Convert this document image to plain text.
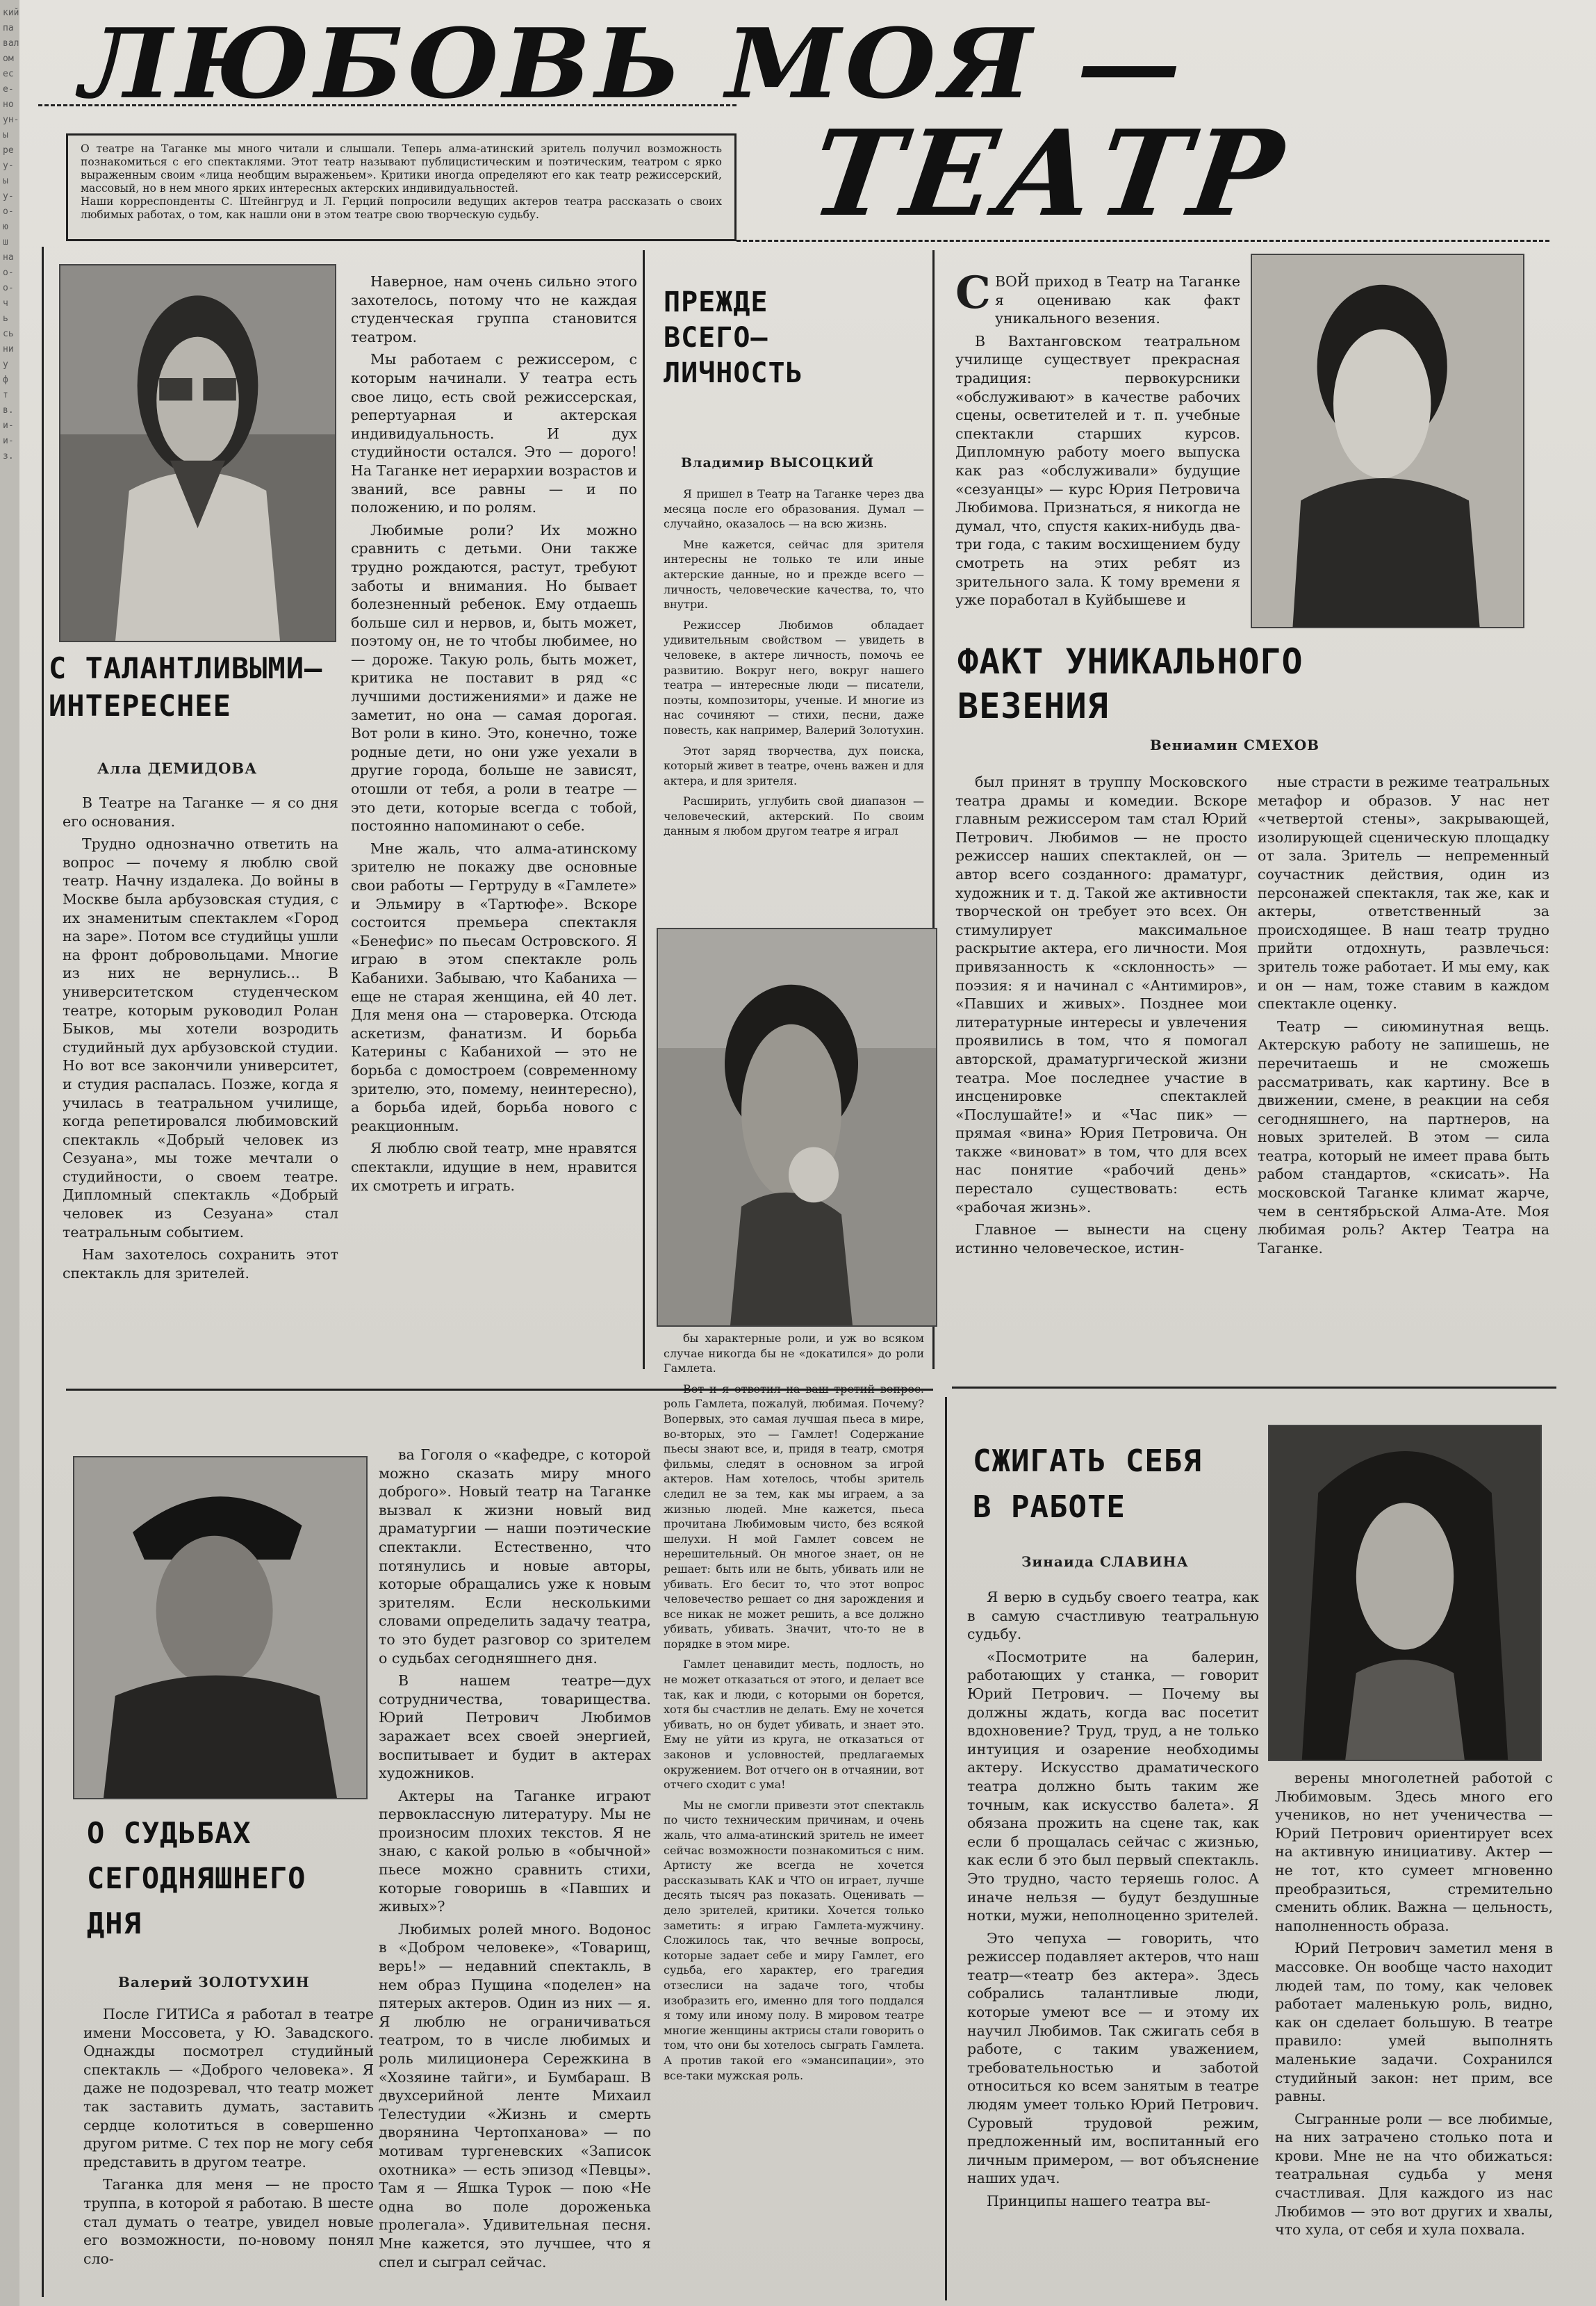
кий
па
вал
ом
ес
е-
но
ун-
ы
ре
у-
ы
у-
о-
ю
ш
на
о-
о-
ч
ь
сь
ни
у
ф
т
в.
и-
и-
з.
ЛЮБОВЬ МОЯ —
ТЕАТР
О театре на Таганке мы много читали и слышали. Теперь алма-атинский зритель получил возможность познакомиться с его спектаклями. Этот театр называют публицистическим и поэтическим, театром с ярко выраженным своим «лица необщим выраженьем». Критики иногда определяют его как театр режиссерский, массовый, но в нем много ярких интересных актерских индивидуальностей.
Наши корреспонденты С. Штейнгруд и Л. Герций попросили ведущих актеров театра рассказать о своих любимых работах, о том, как нашли они в этом театре свою творческую судьбу.
С ТАЛАНТЛИВЫМИ— ИНТЕРЕСНЕЕ
Алла ДЕМИДОВА

В Театре на Таганке — я со дня его основания.

Трудно однозначно ответить на вопрос — почему я люблю свой театр. Начну издалека. До войны в Москве была арбузовская студия, с их знаменитым спектаклем «Город на заре». Потом все студийцы ушли на фронт добровольцами. Многие из них не вернулись... В университетском студенческом театре, которым руководил Ролан Быков, мы хотели возродить студийный дух арбузовской студии. Но вот все закончили университет, и студия распалась. Позже, когда я училась в театральном училище, когда репетировался любимовский спектакль «Добрый человек из Сезуана», мы тоже мечтали о студийности, о своем театре. Дипломный спектакль «Добрый человек из Сезуана» стал театральным событием.

Нам захотелось сохранить этот спектакль для зрителей.

Наверное, нам очень сильно этого захотелось, потому что не каждая студенческая группа становится театром.

Мы работаем с режиссером, с которым начинали. У театра есть свое лицо, есть свой режиссерская, репертуарная и актерская индивидуальность. И дух студийности остался. Это — дорого! На Таганке нет иерархии возрастов и званий, все равны — и по положению, и по ролям.

Любимые роли? Их можно сравнить с детьми. Они также трудно рождаются, растут, требуют заботы и внимания. Но бывает болезненный ребенок. Ему отдаешь больше сил и нервов, и, быть может, поэтому он, не то чтобы любимее, но — дороже. Такую роль, быть может, критика не поставит в ряд «с лучшими достижениями» и даже не заметит, но она — самая дорогая. Вот роли в кино. Это, конечно, тоже родные дети, но они уже уехали в другие города, больше не зависят, отошли от тебя, а роли в театре — это дети, которые всегда с тобой, постоянно напоминают о себе.

Мне жаль, что алма-атинскому зрителю не покажу две основные свои работы — Гертруду в «Гамлете» и Эльмиру в «Тартюфе». Вскоре состоится премьера спектакля «Бенефис» по пьесам Островского. Я играю в этом спектакле роль Кабанихи. Забываю, что Кабаниха — еще не старая женщина, ей 40 лет. Для меня она — староверка. Отсюда аскетизм, фанатизм. И борьба Катерины с Кабанихой — это не борьба с домостроем (современному зрителю, это, помему, неинтересно), а борьба идей, борьба нового с реакционным.

Я люблю свой театр, мне нравятся спектакли, идущие в нем, нравится их смотреть и играть.

ПРЕЖДЕ ВСЕГО— ЛИЧНОСТЬ
Владимир ВЫСОЦКИЙ

Я пришел в Театр на Таганке через два месяца после его образования. Думал — случайно, оказалось — на всю жизнь.

Мне кажется, сейчас для зрителя интересны не только те или иные актерские данные, но и прежде всего — личность, человеческие качества, то, что внутри.

Режиссер Любимов обладает удивительным свойством — увидеть в человеке, в актере личность, помочь ее развитию. Вокруг него, вокруг нашего театра — интересные люди — писатели, поэты, композиторы, ученые. И многие из нас сочиняют — стихи, песни, даже повесть, как например, Валерий Золотухин.

Этот заряд творчества, дух поиска, который живет в театре, очень важен и для актера, и для зрителя.

Расширить, углубить свой диапазон — человеческий, актерский. По своим данным я любом другом театре я играл

бы характерные роли, и уж во всяком случае никогда бы не «докатился» до роли Гамлета.

Вот и я ответил на ваш третий вопрос. роль Гамлета, пожалуй, любимая. Почему? Вопервых, это самая лучшая пьеса в мире, во-вторых, это — Гамлет! Содержание пьесы знают все, и, придя в театр, смотря фильмы, следят в основном за игрой актеров. Нам хотелось, чтобы зритель следил не за тем, как мы играем, а за жизнью людей. Мне кажется, пьеса прочитана Любимовым чисто, без всякой шелухи. Н мой Гамлет совсем не нерешительный. Он многое знает, он не решает: быть или не быть, убивать или не убивать. Его бесит то, что этот вопрос человечество решает со дня зарождения и все никак не может решить, а все должно убивать, убивать. Значит, что-то не в порядке в этом мире.

Гамлет ценавидит месть, подлость, но не может отказаться от этого, и делает все так, как и люди, с которыми он борется, хотя бы счастлив не делать. Ему не хочется убивать, но он будет убивать, и знает это. Ему не уйти из круга, не отказаться от законов и условностей, предлагаемых окружением. Вот отчего он в отчаянии, вот отчего сходит с ума!

Мы не смогли привезти этот спектакль по чисто техническим причинам, и очень жаль, что алма-атинский зритель не имеет сейчас возможности познакомиться с ним. Артисту же всегда не хочется рассказывать КАК и ЧТО он играет, лучше десять тысяч раз показать. Оценивать — дело зрителей, критики. Хочется только заметить: я играю Гамлета-мужчину. Сложилось так, что вечные вопросы, которые задает себе и миру Гамлет, его судьба, его характер, его трагедия отзеслиси на задаче того, чтобы изобразить его, именно для того поддался я тому или иному полу. В мировом театре многие женщины актрисы стали говорить о том, что они бы хотелось сыграть Гамлета. А против такой его «эмансипации», это все-таки мужская роль.

СВОЙ приход в Театр на Таганке я оцениваю как факт уникального везения.

В Вахтанговском театральном училище существует прекрасная традиция: первокурсники «обслуживают» в качестве рабочих сцены, осветителей и т. п. учебные спектакли старших курсов. Дипломную работу моего выпуска как раз «обслуживали» будущие «сезуанцы» — курс Юрия Петровича Любимова. Признаться, я никогда не думал, что, спустя каких-нибудь два-три года, с таким восхищением буду смотреть на этих ребят из зрительного зала. К тому времени я уже поработал в Куйбышеве и

ФАКТ УНИКАЛЬНОГО ВЕЗЕНИЯ
Вениамин СМЕХОВ

был принят в труппу Московского театра драмы и комедии. Вскоре главным режиссером там стал Юрий Петрович. Любимов — не просто режиссер наших спектаклей, он — автор всего созданного: драматург, художник и т. д. Такой же активности творческой он требует это всех. Он стимулирует максимальное раскрытие актера, его личности. Моя привязанность к «склонность» — поэзия: я и начинал с «Антимиров», «Павших и живых». Позднее мои литературные интересы и увлечения проявились в том, что я помогал авторской, драматургической жизни театра. Мое последнее участие в инсценировке спектаклей «Послушайте!» и «Час пик» — прямая «вина» Юрия Петровича. Он также «виноват» в том, что для всех нас понятие «рабочий день» перестало существовать: есть «рабочая жизнь».

Главное — вынести на сцену истинно человеческое, истин-

ные страсти в режиме театральных метафор и образов. У нас нет «четвертой стены», закрывающей, изолирующей сценическую площадку от зала. Зритель — непременный соучастник действия, один из персонажей спектакля, так же, как и актеры, ответственный за происходящее. В наш театр трудно прийти отдохнуть, развлечься: зритель тоже работает. И мы ему, как и он — нам, тоже ставим в каждом спектакле оценку.

Театр — сиюминутная вещь. Актерскую работу не запишешь, не перечитаешь и не сможешь рассматривать, как картину. Все в движении, смене, в реакции на себя сегодняшнего, на партнеров, на новых зрителей. В этом — сила театра, который не имеет права быть рабом стандартов, «скисать». На московской Таганке климат жарче, чем в сентябрьской Алма-Ате. Моя любимая роль? Актер Театра на Таганке.

О СУДЬБАХ СЕГОДНЯШНЕГО ДНЯ
Валерий ЗОЛОТУХИН

После ГИТИСа я работал в театре имени Моссовета, у Ю. Завадского. Однажды посмотрел студийный спектакль — «Доброго человека». Я даже не подозревал, что театр может так заставить думать, заставить сердце колотиться в совершенно другом ритме. С тех пор не могу себя представить в другом театре.

Таганка для меня — не просто труппа, в которой я работаю. В шесте стал думать о театре, увидел новые его возможности, по-новому понял сло-

ва Гоголя о «кафедре, с которой можно сказать миру много доброго». Новый театр на Таганке вызвал к жизни новый вид драматургии — наши поэтические спектакли. Естественно, что потянулись и новые авторы, которые обращались уже к новым зрителям. Если несколькими словами определить задачу театра, то это будет разговор со зрителем о судьбах сегодняшнего дня.

В нашем театре—дух сотрудничества, товарищества. Юрий Петрович Любимов заражает всех своей энергией, воспитывает и будит в актерах художников.

Актеры на Таганке играют первоклассную литературу. Мы не произносим плохих текстов. Я не знаю, с какой ролью в «обычной» пьесе можно сравнить стихи, которые говоришь в «Павших и живых»?

Любимых ролей много. Водонос в «Добром человеке», «Товарищ, верь!» — недавний спектакль, в нем образ Пущина «поделен» на пятерых актеров. Один из них — я. Я люблю не ограничиваться театром, то в числе любимых и роль милиционера Сережкина в «Хозяине тайги», и Бумбараш. В двухсерийной ленте Михаил Телестудии «Жизнь и смерть дворянина Чертопханова» — по мотивам тургеневских «Записок охотника» — есть эпизод «Певцы». Там я — Яшка Турок — пою «Не одна во поле дороженька пролегала». Удивительная песня. Мне кажется, это лучшее, что я спел и сыграл сейчас.

СЖИГАТЬ СЕБЯ В РАБОТЕ
Зинаида СЛАВИНА

Я верю в судьбу своего театра, как в самую счастливую театральную судьбу.

«Посмотрите на балерин, работающих у станка, — говорит Юрий Петрович. — Почему вы должны ждать, когда вас посетит вдохновение? Труд, труд, а не только интуиция и озарение необходимы актеру. Искусство драматического театра должно быть таким же точным, как искусство балета». Я обязана прожить на сцене так, как если б прощалась сейчас с жизнью, как если б это был первый спектакль. Это трудно, часто теряешь голос. А иначе нельзя — будут бездушные нотки, мужи, неполноценно зрителей.

Это чепуха — говорить, что режиссер подавляет актеров, что наш театр—«театр без актера». Здесь собрались талантливые люди, которые умеют все — и этому их научил Любимов. Так сжигать себя в работе, с таким уважением, требовательностью и заботой относиться ко всем занятым в театре людям умеет только Юрий Петрович. Суровый трудовой режим, предложенный им, воспитанный его личным примером, — вот объяснение наших удач.

Принципы нашего театра вы-

верены многолетней работой с Любимовым. Здесь много его учеников, но нет ученичества — Юрий Петрович ориентирует всех на активную инициативу. Актер — не тот, кто сумеет мгновенно преобразиться, стремительно сменить облик. Важна — цельность, наполненность образа.

Юрий Петрович заметил меня в массовке. Он вообще часто находит людей там, по тому, как человек работает маленькую роль, видно, как он сделает большую. В театре правило: умей выполнять маленькие задачи. Сохранился студийный закон: нет прим, все равны.

Сыгранные роли — все любимые, на них затрачено столько пота и крови. Мне не на что обижаться: театральная судьба у меня счастливая. Для каждого из нас Любимов — это вот других и хвалы, что хула, от себя и хула похвала.
